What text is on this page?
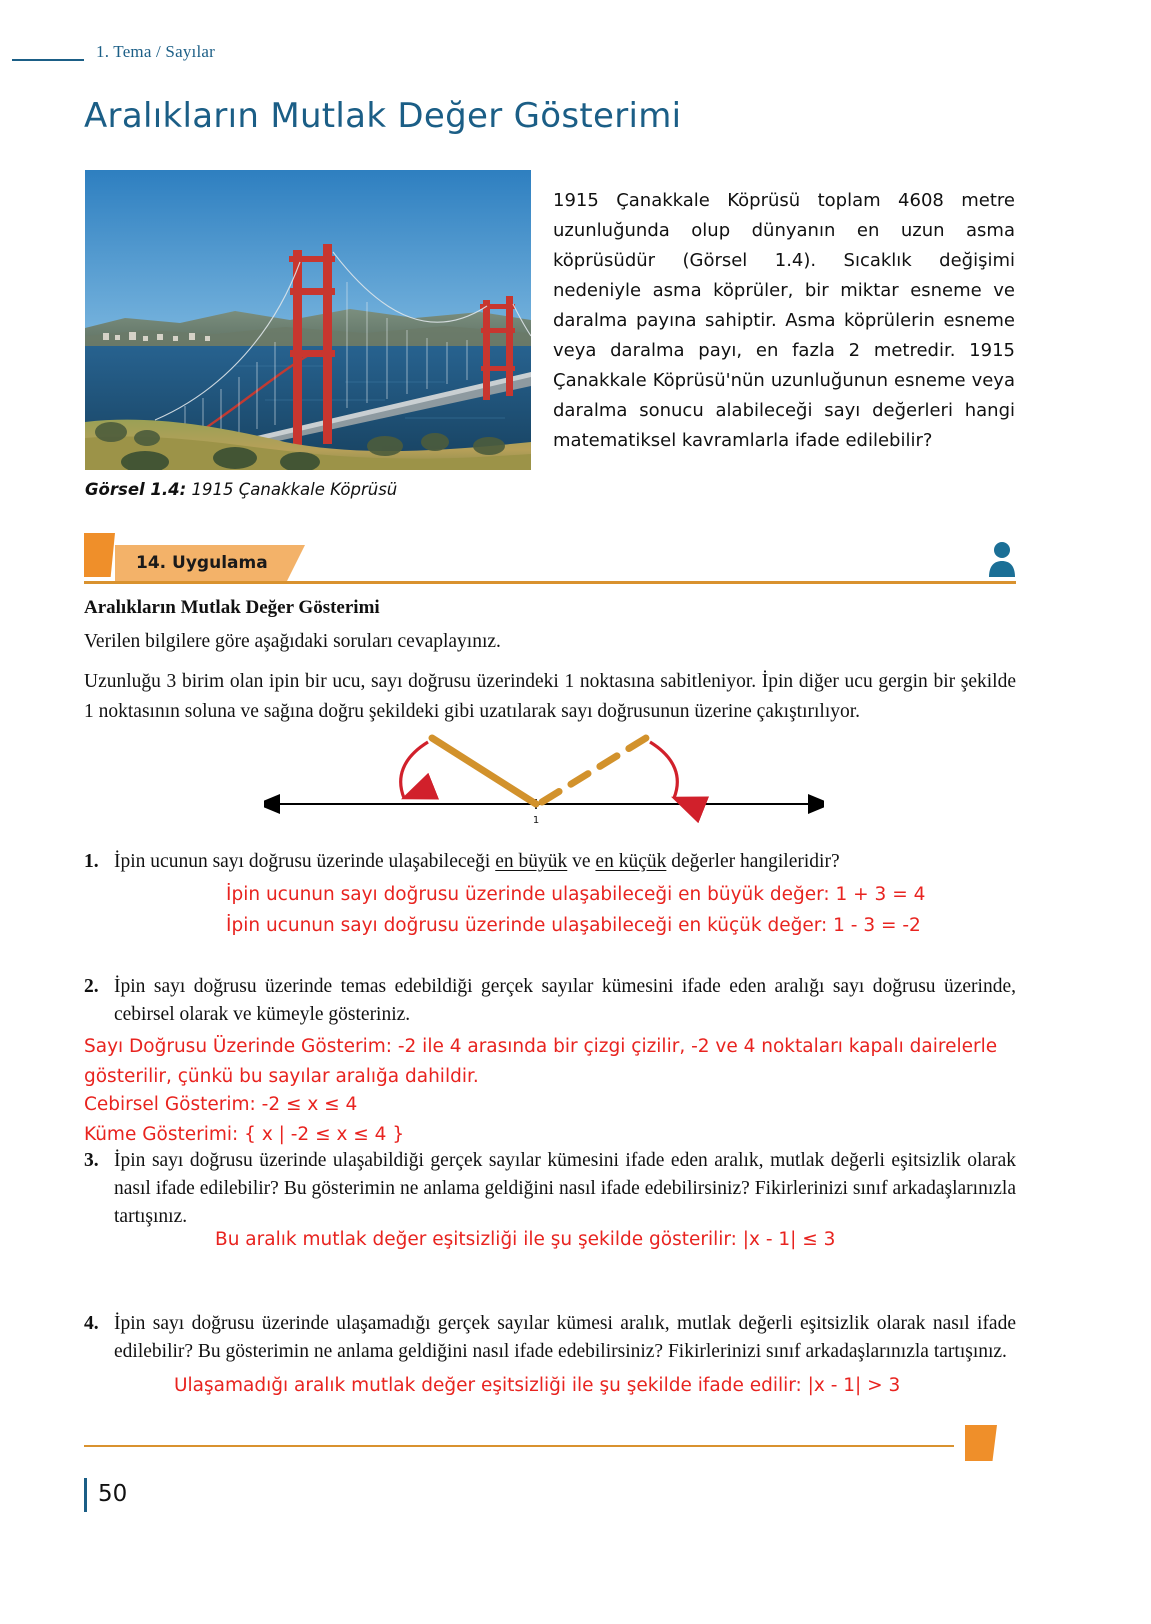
1. Tema / Sayılar
Aralıkların Mutlak Değer Gösterimi
Görsel 1.4: 1915 Çanakkale Köprüsü
1915 Çanakkale Köprüsü toplam 4608 metre uzunluğunda olup dünyanın en uzun asma köprüsüdür (Görsel 1.4). Sıcaklık değişimi nedeniyle asma köprüler, bir miktar esneme ve daralma payına sahiptir. Asma köprülerin esneme veya daralma payı, en fazla 2 metredir. 1915 Çanakkale Köprüsü'nün uzunluğunun esneme veya daralma sonucu alabileceği sayı değerleri hangi matematiksel kavramlarla ifade edilebilir?
14. Uygulama
Aralıkların Mutlak Değer Gösterimi
Verilen bilgilere göre aşağıdaki soruları cevaplayınız.
Uzunluğu 3 birim olan ipin bir ucu, sayı doğrusu üzerindeki 1 noktasına sabitleniyor. İpin diğer ucu gergin bir şekilde 1 noktasının soluna ve sağına doğru şekildeki gibi uzatılarak sayı doğrusunun üzerine çakıştırılıyor.
1
1. İpin ucunun sayı doğrusu üzerinde ulaşabileceği en büyük ve en küçük değerler hangileridir?
İpin ucunun sayı doğrusu üzerinde ulaşabileceği en büyük değer: 1 + 3 = 4
İpin ucunun sayı doğrusu üzerinde ulaşabileceği en küçük değer: 1 - 3 = -2
2. İpin sayı doğrusu üzerinde temas edebildiği gerçek sayılar kümesini ifade eden aralığı sayı doğrusu üzerinde, cebirsel olarak ve kümeyle gösteriniz.
Sayı Doğrusu Üzerinde Gösterim: -2 ile 4 arasında bir çizgi çizilir, -2 ve 4 noktaları kapalı dairelerle gösterilir, çünkü bu sayılar aralığa dahildir.
Cebirsel Gösterim: -2 ≤ x ≤ 4
Küme Gösterimi: { x | -2 ≤ x ≤ 4 }
3. İpin sayı doğrusu üzerinde ulaşabildiği gerçek sayılar kümesini ifade eden aralık, mutlak değerli eşitsizlik olarak nasıl ifade edilebilir? Bu gösterimin ne anlama geldiğini nasıl ifade edebilirsiniz? Fikirlerinizi sınıf arkadaşlarınızla tartışınız.
Bu aralık mutlak değer eşitsizliği ile şu şekilde gösterilir: |x - 1| ≤ 3
4. İpin sayı doğrusu üzerinde ulaşamadığı gerçek sayılar kümesi aralık, mutlak değerli eşitsizlik olarak nasıl ifade edilebilir? Bu gösterimin ne anlama geldiğini nasıl ifade edebilirsiniz? Fikirlerinizi sınıf arkadaşlarınızla tartışınız.
Ulaşamadığı aralık mutlak değer eşitsizliği ile şu şekilde ifade edilir: |x - 1| > 3
50
